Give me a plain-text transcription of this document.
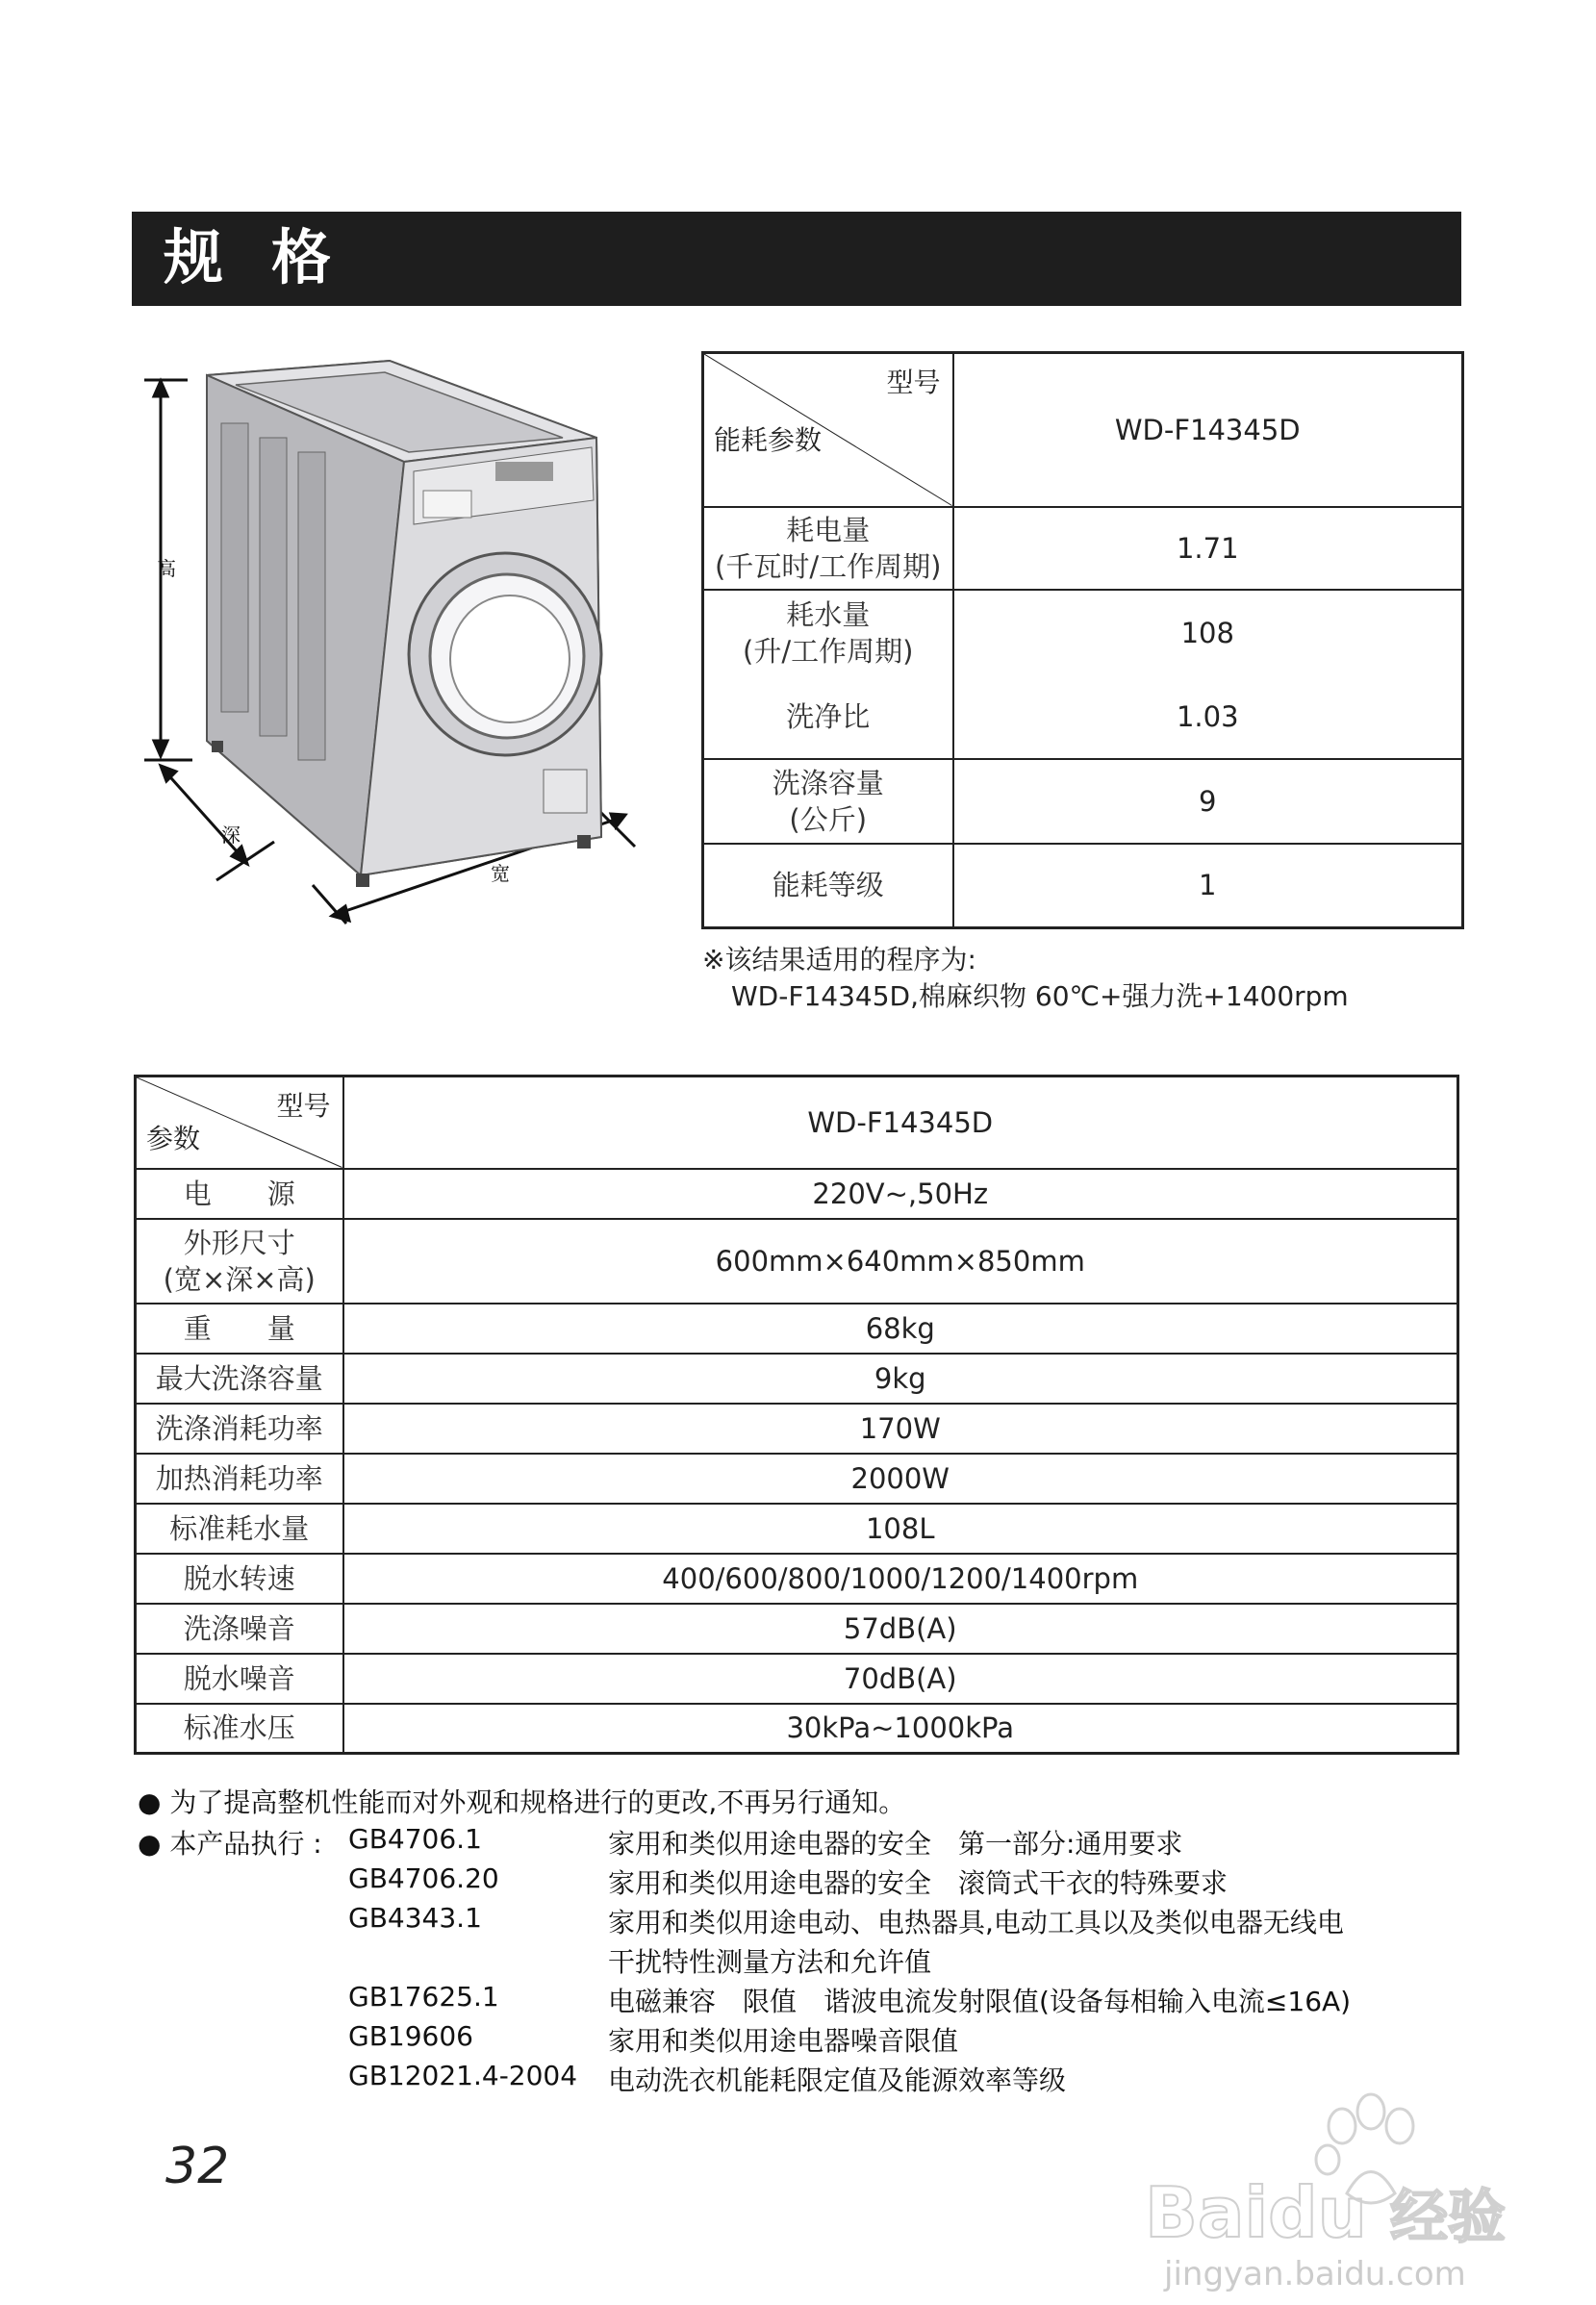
规格
高
深
宽
型号
能耗参数	WD-F14345D

耗电量
(千瓦时/工作周期)	1.71

耗水量
(升/工作周期)	108

洗净比	1.03

洗涤容量
(公斤)	9

能耗等级	1
※该结果适用的程序为:
WD-F14345D,棉麻织物 60℃+强力洗+1400rpm
型号
参数	WD-F14345D
电　　源	220V~,50Hz

外形尺寸
(宽×深×高)	600mm×640mm×850mm
重　　量	68kg
最大洗涤容量	9kg
洗涤消耗功率	170W
加热消耗功率	2000W
标准耗水量	108L
脱水转速	400/600/800/1000/1200/1400rpm
洗涤噪音	57dB(A)
脱水噪音	70dB(A)
标准水压	30kPa~1000kPa
● 为了提高整机性能而对外观和规格进行的更改,不再另行通知。
● 本产品执行 : GB4706.1	家用和类似用途电器的安全　第一部分:通用要求
GB4706.20	家用和类似用途电器的安全　滚筒式干衣的特殊要求
GB4343.1	家用和类似用途电动、电热器具,电动工具以及类似电器无线电
干扰特性测量方法和允许值
GB17625.1	电磁兼容　限值　谐波电流发射限值(设备每相输入电流≤16A)
GB19606	家用和类似用途电器噪音限值
GB12021.4-2004 电动洗衣机能耗限定值及能源效率等级
32
Baidu 经验
jingyan.baidu.com
